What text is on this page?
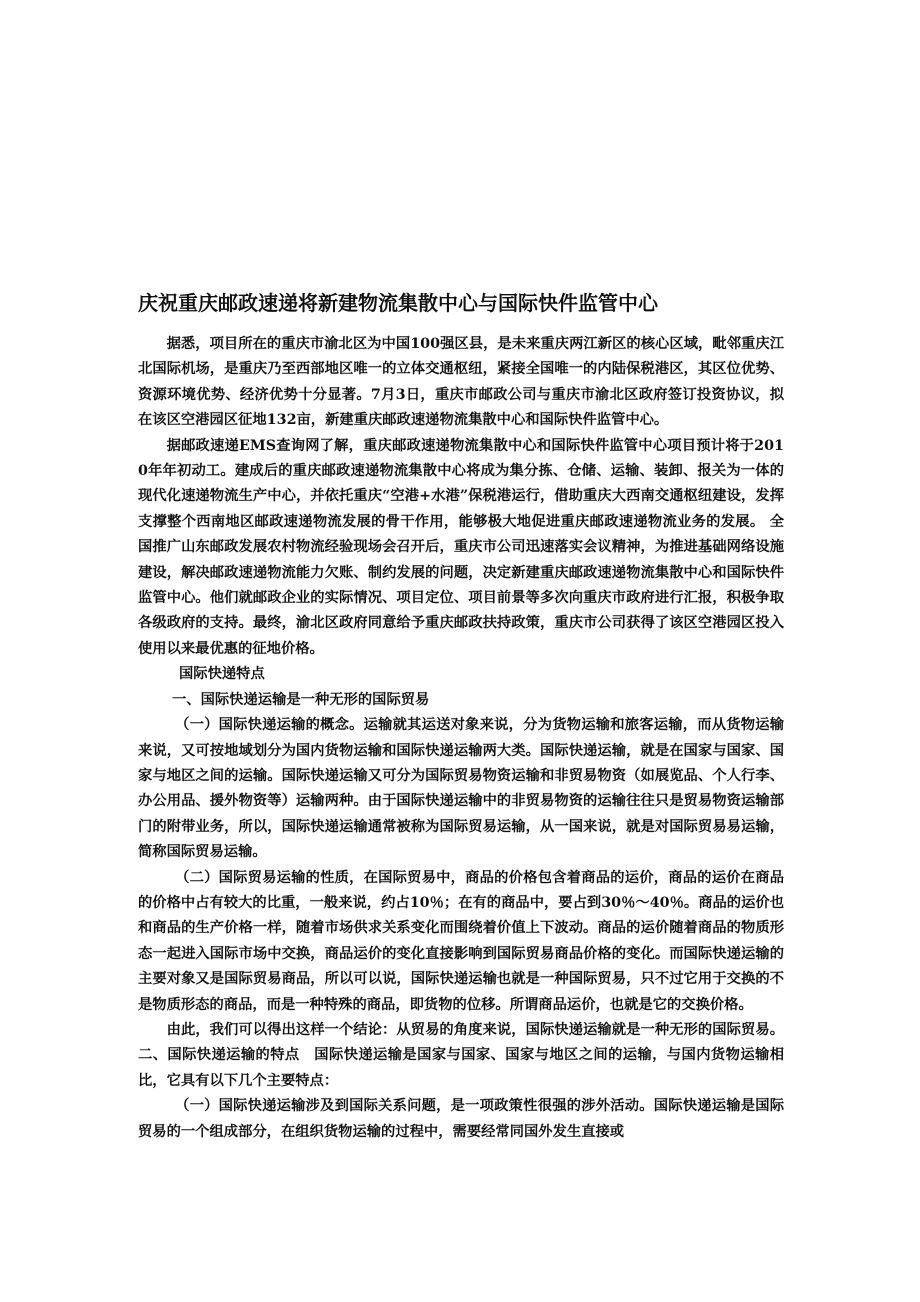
庆祝重庆邮政速递将新建物流集散中心与国际快件监管中心

据悉，项目所在的重庆市渝北区为中国100强区县，是未来重庆两江新区的核心区域，毗邻重庆江北国际机场，是重庆乃至西部地区唯一的立体交通枢纽，紧接全国唯一的内陆保税港区，其区位优势、资源环境优势、经济优势十分显著。7月3日，重庆市邮政公司与重庆市渝北区政府签订投资协议，拟在该区空港园区征地132亩，新建重庆邮政速递物流集散中心和国际快件监管中心。

据邮政速递EMS查询网了解，重庆邮政速递物流集散中心和国际快件监管中心项目预计将于2010年年初动工。建成后的重庆邮政速递物流集散中心将成为集分拣、仓储、运输、装卸、报关为一体的现代化速递物流生产中心，并依托重庆“空港+水港”保税港运行，借助重庆大西南交通枢纽建设，发挥支撑整个西南地区邮政速递物流发展的骨干作用，能够极大地促进重庆邮政速递物流业务的发展。 全国推广山东邮政发展农村物流经验现场会召开后，重庆市公司迅速落实会议精神，为推进基础网络设施建设，解决邮政速递物流能力欠账、制约发展的问题，决定新建重庆邮政速递物流集散中心和国际快件监管中心。他们就邮政企业的实际情况、项目定位、项目前景等多次向重庆市政府进行汇报，积极争取各级政府的支持。最终，渝北区政府同意给予重庆邮政扶持政策，重庆市公司获得了该区空港园区投入使用以来最优惠的征地价格。

国际快递特点

一、国际快递运输是一种无形的国际贸易

（一）国际快递运输的概念。运输就其运送对象来说，分为货物运输和旅客运输，而从货物运输来说，又可按地域划分为国内货物运输和国际快递运输两大类。国际快递运输，就是在国家与国家、国家与地区之间的运输。国际快递运输又可分为国际贸易物资运输和非贸易物资（如展览品、个人行李、办公用品、援外物资等）运输两种。由于国际快递运输中的非贸易物资的运输往往只是贸易物资运输部门的附带业务，所以，国际快递运输通常被称为国际贸易运输，从一国来说，就是对国际贸易易运输，简称国际贸易运输。

（二）国际贸易运输的性质，在国际贸易中，商品的价格包含着商品的运价，商品的运价在商品的价格中占有较大的比重，一般来说，约占10％；在有的商品中，要占到30％～40％。商品的运价也和商品的生产价格一样，随着市场供求关系变化而围绕着价值上下波动。商品的运价随着商品的物质形态一起进入国际市场中交换，商品运价的变化直接影响到国际贸易商品价格的变化。而国际快递运输的主要对象又是国际贸易商品，所以可以说，国际快递运输也就是一种国际贸易，只不过它用于交换的不是物质形态的商品，而是一种特殊的商品，即货物的位移。所谓商品运价，也就是它的交换价格。

由此，我们可以得出这样一个结论：从贸易的角度来说，国际快递运输就是一种无形的国际贸易。二、国际快递运输的特点　国际快递运输是国家与国家、国家与地区之间的运输，与国内货物运输相比，它具有以下几个主要特点：

（一）国际快递运输涉及到国际关系问题，是一项政策性很强的涉外活动。国际快递运输是国际贸易的一个组成部分，在组织货物运输的过程中，需要经常同国外发生直接或
